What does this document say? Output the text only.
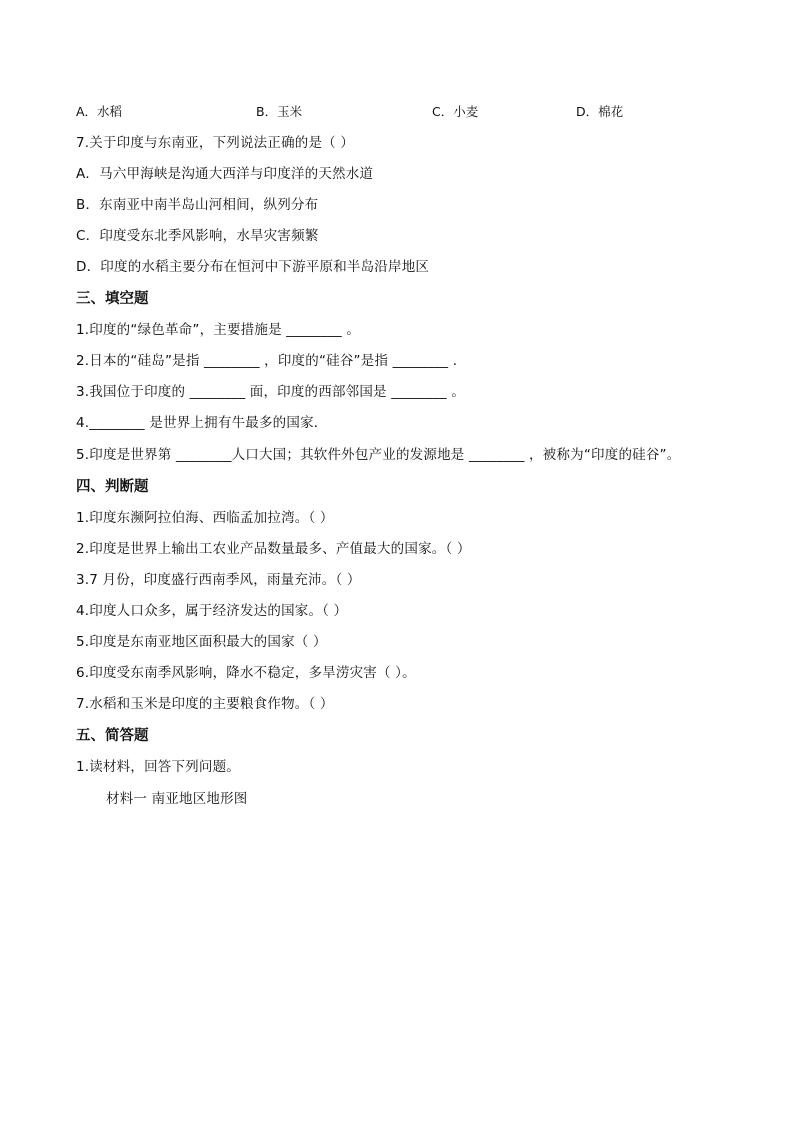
A．水稻	B．玉米	C．小麦	D．棉花
7.关于印度与东南亚，下列说法正确的是（ ）
A．马六甲海峡是沟通大西洋与印度洋的天然水道
B．东南亚中南半岛山河相间，纵列分布
C．印度受东北季风影响，水旱灾害频繁
D．印度的水稻主要分布在恒河中下游平原和半岛沿岸地区
三、填空题
1.印度的“绿色革命”，主要措施是 ________ 。
2.日本的“硅岛”是指 ________ ，印度的“硅谷”是指 ________ .
3.我国位于印度的 ________ 面，印度的西部邻国是 ________ 。
4.________ 是世界上拥有牛最多的国家．
5.印度是世界第 ________人口大国；其软件外包产业的发源地是 ________ ，被称为“印度的硅谷”。
四、判断题
1.印度东濒阿拉伯海、西临孟加拉湾。（ ）
2.印度是世界上输出工农业产品数量最多、产值最大的国家。（ ）
3.7 月份，印度盛行西南季风，雨量充沛。（ ）
4.印度人口众多，属于经济发达的国家。（ ）
5.印度是东南亚地区面积最大的国家（ ）
6.印度受东南季风影响，降水不稳定，多旱涝灾害（ ）。
7.水稻和玉米是印度的主要粮食作物。（ ）
五、简答题
1.读材料，回答下列问题。
材料一 南亚地区地形图
